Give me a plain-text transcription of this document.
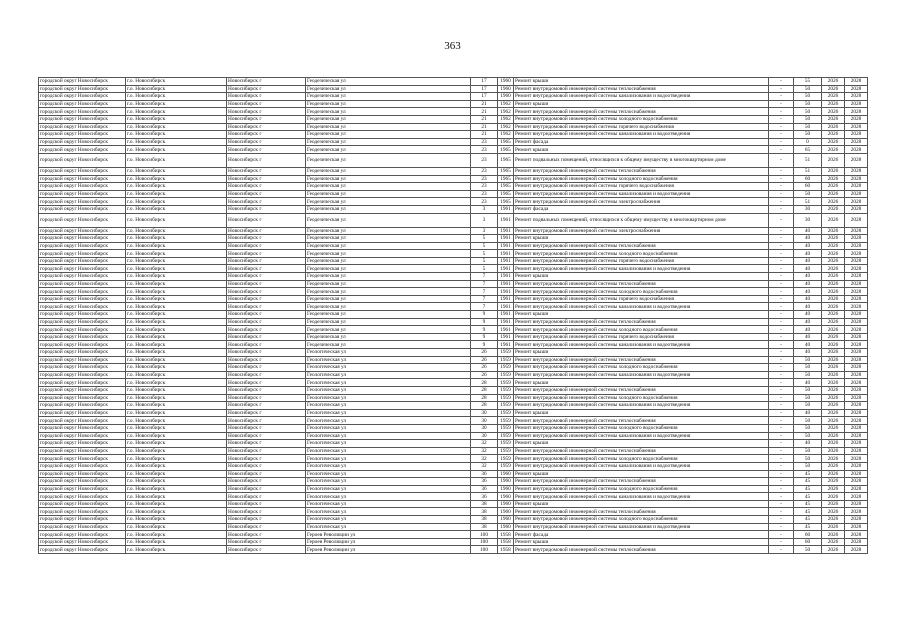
363
городской округ Новосибирск	г.о. Новосибирск	Новосибирск г	Геодезическая ул	17	1960	Ремонт крыши	-	55	2026	2028
городской округ Новосибирск	г.о. Новосибирск	Новосибирск г	Геодезическая ул	17	1960	Ремонт внутридомовой инженерной системы теплоснабжения	-	50	2026	2028
городской округ Новосибирск	г.о. Новосибирск	Новосибирск г	Геодезическая ул	17	1960	Ремонт внутридомовой инженерной системы канализования и водоотведения	-	50	2026	2028
городской округ Новосибирск	г.о. Новосибирск	Новосибирск г	Геодезическая ул	21	1962	Ремонт крыши	-	50	2026	2028
городской округ Новосибирск	г.о. Новосибирск	Новосибирск г	Геодезическая ул	21	1962	Ремонт внутридомовой инженерной системы теплоснабжения	-	50	2026	2028
городской округ Новосибирск	г.о. Новосибирск	Новосибирск г	Геодезическая ул	21	1962	Ремонт внутридомовой инженерной системы холодного водоснабжения	-	50	2026	2028
городской округ Новосибирск	г.о. Новосибирск	Новосибирск г	Геодезическая ул	21	1962	Ремонт внутридомовой инженерной системы горячего водоснабжения	-	50	2026	2028
городской округ Новосибирск	г.о. Новосибирск	Новосибирск г	Геодезическая ул	21	1962	Ремонт внутридомовой инженерной системы канализования и водоотведения	-	50	2026	2028
городской округ Новосибирск	г.о. Новосибирск	Новосибирск г	Геодезическая ул	23	1965	Ремонт фасада	-	0	2026	2028
городской округ Новосибирск	г.о. Новосибирск	Новосибирск г	Геодезическая ул	23	1965	Ремонт крыши	-	65	2026	2028
городской округ Новосибирск	г.о. Новосибирск	Новосибирск г	Геодезическая ул	23	1965	Ремонт подвальных помещений, относящихся к общему имуществу в многоквартирном доме	-	51	2026	2028
городской округ Новосибирск	г.о. Новосибирск	Новосибирск г	Геодезическая ул	23	1965	Ремонт внутридомовой инженерной системы теплоснабжения	-	51	2026	2028
городской округ Новосибирск	г.о. Новосибирск	Новосибирск г	Геодезическая ул	23	1965	Ремонт внутридомовой инженерной системы холодного водоснабжения	-	60	2026	2028
городской округ Новосибирск	г.о. Новосибирск	Новосибирск г	Геодезическая ул	23	1965	Ремонт внутридомовой инженерной системы горячего водоснабжения	-	60	2026	2028
городской округ Новосибирск	г.о. Новосибирск	Новосибирск г	Геодезическая ул	23	1965	Ремонт внутридомовой инженерной системы канализования и водоотведения	-	50	2026	2028
городской округ Новосибирск	г.о. Новосибирск	Новосибирск г	Геодезическая ул	23	1965	Ремонт внутридомовой инженерной системы электроснабжения	-	51	2026	2028
городской округ Новосибирск	г.о. Новосибирск	Новосибирск г	Геодезическая ул	3	1961	Ремонт фасада	-	30	2026	2028
городской округ Новосибирск	г.о. Новосибирск	Новосибирск г	Геодезическая ул	3	1961	Ремонт подвальных помещений, относящихся к общему имуществу в многоквартирном доме	-	30	2026	2028
городской округ Новосибирск	г.о. Новосибирск	Новосибирск г	Геодезическая ул	3	1961	Ремонт внутридомовой инженерной системы электроснабжения	-	40	2026	2028
городской округ Новосибирск	г.о. Новосибирск	Новосибирск г	Геодезическая ул	5	1961	Ремонт крыши	-	40	2026	2028
городской округ Новосибирск	г.о. Новосибирск	Новосибирск г	Геодезическая ул	5	1961	Ремонт внутридомовой инженерной системы теплоснабжения	-	40	2026	2028
городской округ Новосибирск	г.о. Новосибирск	Новосибирск г	Геодезическая ул	5	1961	Ремонт внутридомовой инженерной системы холодного водоснабжения	-	40	2026	2028
городской округ Новосибирск	г.о. Новосибирск	Новосибирск г	Геодезическая ул	5	1961	Ремонт внутридомовой инженерной системы горячего водоснабжения	-	40	2026	2028
городской округ Новосибирск	г.о. Новосибирск	Новосибирск г	Геодезическая ул	5	1961	Ремонт внутридомовой инженерной системы канализования и водоотведения	-	40	2026	2028
городской округ Новосибирск	г.о. Новосибирск	Новосибирск г	Геодезическая ул	7	1961	Ремонт крыши	-	40	2026	2028
городской округ Новосибирск	г.о. Новосибирск	Новосибирск г	Геодезическая ул	7	1961	Ремонт внутридомовой инженерной системы теплоснабжения	-	40	2026	2028
городской округ Новосибирск	г.о. Новосибирск	Новосибирск г	Геодезическая ул	7	1961	Ремонт внутридомовой инженерной системы холодного водоснабжения	-	40	2026	2028
городской округ Новосибирск	г.о. Новосибирск	Новосибирск г	Геодезическая ул	7	1961	Ремонт внутридомовой инженерной системы горячего водоснабжения	-	40	2026	2028
городской округ Новосибирск	г.о. Новосибирск	Новосибирск г	Геодезическая ул	7	1961	Ремонт внутридомовой инженерной системы канализования и водоотведения	-	40	2026	2028
городской округ Новосибирск	г.о. Новосибирск	Новосибирск г	Геодезическая ул	9	1961	Ремонт крыши	-	40	2026	2028
городской округ Новосибирск	г.о. Новосибирск	Новосибирск г	Геодезическая ул	9	1961	Ремонт внутридомовой инженерной системы теплоснабжения	-	40	2026	2028
городской округ Новосибирск	г.о. Новосибирск	Новосибирск г	Геодезическая ул	9	1961	Ремонт внутридомовой инженерной системы холодного водоснабжения	-	40	2026	2028
городской округ Новосибирск	г.о. Новосибирск	Новосибирск г	Геодезическая ул	9	1961	Ремонт внутридомовой инженерной системы горячего водоснабжения	-	40	2026	2028
городской округ Новосибирск	г.о. Новосибирск	Новосибирск г	Геодезическая ул	9	1961	Ремонт внутридомовой инженерной системы канализования и водоотведения	-	40	2026	2028
городской округ Новосибирск	г.о. Новосибирск	Новосибирск г	Геологическая ул	26	1959	Ремонт крыши	-	40	2026	2028
городской округ Новосибирск	г.о. Новосибирск	Новосибирск г	Геологическая ул	26	1959	Ремонт внутридомовой инженерной системы теплоснабжения	-	50	2026	2028
городской округ Новосибирск	г.о. Новосибирск	Новосибирск г	Геологическая ул	26	1959	Ремонт внутридомовой инженерной системы холодного водоснабжения	-	50	2026	2028
городской округ Новосибирск	г.о. Новосибирск	Новосибирск г	Геологическая ул	26	1959	Ремонт внутридомовой инженерной системы канализования и водоотведения	-	50	2026	2028
городской округ Новосибирск	г.о. Новосибирск	Новосибирск г	Геологическая ул	28	1959	Ремонт крыши	-	40	2026	2028
городской округ Новосибирск	г.о. Новосибирск	Новосибирск г	Геологическая ул	28	1959	Ремонт внутридомовой инженерной системы теплоснабжения	-	50	2026	2028
городской округ Новосибирск	г.о. Новосибирск	Новосибирск г	Геологическая ул	28	1959	Ремонт внутридомовой инженерной системы холодного водоснабжения	-	50	2026	2028
городской округ Новосибирск	г.о. Новосибирск	Новосибирск г	Геологическая ул	28	1959	Ремонт внутридомовой инженерной системы канализования и водоотведения	-	50	2026	2028
городской округ Новосибирск	г.о. Новосибирск	Новосибирск г	Геологическая ул	30	1959	Ремонт крыши	-	40	2026	2028
городской округ Новосибирск	г.о. Новосибирск	Новосибирск г	Геологическая ул	30	1959	Ремонт внутридомовой инженерной системы теплоснабжения	-	50	2026	2028
городской округ Новосибирск	г.о. Новосибирск	Новосибирск г	Геологическая ул	30	1959	Ремонт внутридомовой инженерной системы холодного водоснабжения	-	50	2026	2028
городской округ Новосибирск	г.о. Новосибирск	Новосибирск г	Геологическая ул	30	1959	Ремонт внутридомовой инженерной системы канализования и водоотведения	-	50	2026	2028
городской округ Новосибирск	г.о. Новосибирск	Новосибирск г	Геологическая ул	32	1959	Ремонт крыши	-	40	2026	2028
городской округ Новосибирск	г.о. Новосибирск	Новосибирск г	Геологическая ул	32	1959	Ремонт внутридомовой инженерной системы теплоснабжения	-	50	2026	2028
городской округ Новосибирск	г.о. Новосибирск	Новосибирск г	Геологическая ул	32	1959	Ремонт внутридомовой инженерной системы холодного водоснабжения	-	50	2026	2028
городской округ Новосибирск	г.о. Новосибирск	Новосибирск г	Геологическая ул	32	1959	Ремонт внутридомовой инженерной системы канализования и водоотведения	-	50	2026	2028
городской округ Новосибирск	г.о. Новосибирск	Новосибирск г	Геологическая ул	36	1960	Ремонт крыши	-	45	2026	2028
городской округ Новосибирск	г.о. Новосибирск	Новосибирск г	Геологическая ул	36	1960	Ремонт внутридомовой инженерной системы теплоснабжения	-	45	2026	2028
городской округ Новосибирск	г.о. Новосибирск	Новосибирск г	Геологическая ул	36	1960	Ремонт внутридомовой инженерной системы холодного водоснабжения	-	45	2026	2028
городской округ Новосибирск	г.о. Новосибирск	Новосибирск г	Геологическая ул	36	1960	Ремонт внутридомовой инженерной системы канализования и водоотведения	-	45	2026	2028
городской округ Новосибирск	г.о. Новосибирск	Новосибирск г	Геологическая ул	38	1960	Ремонт крыши	-	45	2026	2028
городской округ Новосибирск	г.о. Новосибирск	Новосибирск г	Геологическая ул	38	1960	Ремонт внутридомовой инженерной системы теплоснабжения	-	45	2026	2028
городской округ Новосибирск	г.о. Новосибирск	Новосибирск г	Геологическая ул	38	1960	Ремонт внутридомовой инженерной системы холодного водоснабжения	-	45	2026	2028
городской округ Новосибирск	г.о. Новосибирск	Новосибирск г	Геологическая ул	38	1960	Ремонт внутридомовой инженерной системы канализования и водоотведения	-	45	2026	2028
городской округ Новосибирск	г.о. Новосибирск	Новосибирск г	Героев Революции ул	100	1958	Ремонт фасада	-	60	2026	2028
городской округ Новосибирск	г.о. Новосибирск	Новосибирск г	Героев Революции ул	100	1958	Ремонт крыши	-	60	2026	2028
городской округ Новосибирск	г.о. Новосибирск	Новосибирск г	Героев Революции ул	100	1958	Ремонт внутридомовой инженерной системы теплоснабжения	-	50	2026	2028
